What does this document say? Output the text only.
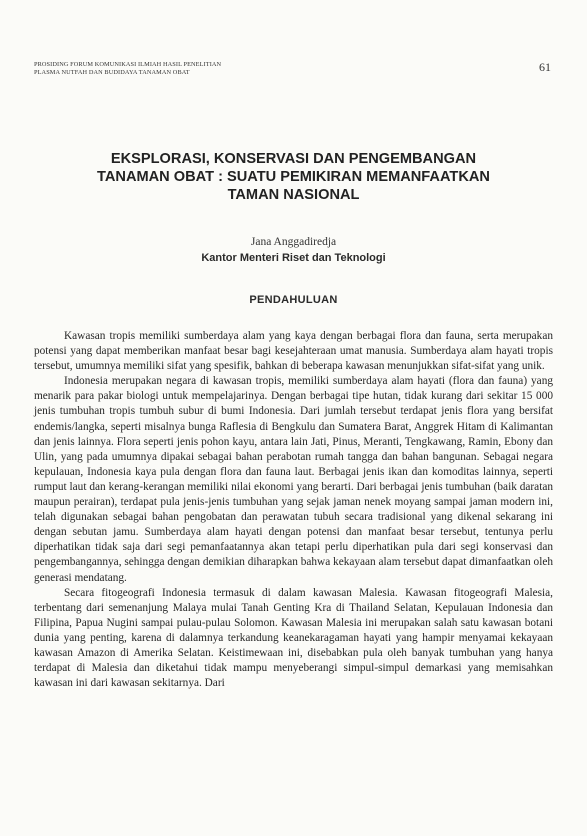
PROSIDING FORUM KOMUNIKASI ILMIAH HASIL PENELITIAN
PLASMA NUTFAH DAN BUDIDAYA TANAMAN OBAT	61
EKSPLORASI, KONSERVASI DAN PENGEMBANGAN
TANAMAN OBAT : SUATU PEMIKIRAN MEMANFAATKAN
TAMAN NASIONAL
Jana Anggadiredja
Kantor Menteri Riset dan Teknologi
PENDAHULUAN

Kawasan tropis memiliki sumberdaya alam yang kaya dengan berbagai flora dan fauna, serta merupakan potensi yang dapat memberikan manfaat besar bagi kesejahteraan umat manusia. Sumberdaya alam hayati tropis tersebut, umumnya memiliki sifat yang spesifik, bahkan di beberapa kawasan menunjukkan sifat-sifat yang unik.

Indonesia merupakan negara di kawasan tropis, memiliki sumberdaya alam hayati (flora dan fauna) yang menarik para pakar biologi untuk mempelajarinya. Dengan berbagai tipe hutan, tidak kurang dari sekitar 15 000 jenis tumbuhan tropis tumbuh subur di bumi Indonesia. Dari jumlah tersebut terdapat jenis flora yang bersifat endemis/langka, seperti misalnya bunga Raflesia di Bengkulu dan Sumatera Barat, Anggrek Hitam di Kalimantan dan jenis lainnya. Flora seperti jenis pohon kayu, antara lain Jati, Pinus, Meranti, Tengkawang, Ramin, Ebony dan Ulin, yang pada umumnya dipakai sebagai bahan perabotan rumah tangga dan bahan bangunan. Sebagai negara kepulauan, Indonesia kaya pula dengan flora dan fauna laut. Berbagai jenis ikan dan komoditas lainnya, seperti rumput laut dan kerang-kerangan memiliki nilai ekonomi yang berarti. Dari berbagai jenis tumbuhan (baik daratan maupun perairan), terdapat pula jenis-jenis tumbuhan yang sejak jaman nenek moyang sampai jaman modern ini, telah digunakan sebagai bahan pengobatan dan perawatan tubuh secara tradisional yang dikenal sekarang ini dengan sebutan jamu. Sumberdaya alam hayati dengan potensi dan manfaat besar tersebut, tentunya perlu diperhatikan tidak saja dari segi pemanfaatannya akan tetapi perlu diperhatikan pula dari segi konservasi dan pengembangannya, sehingga dengan demikian diharapkan bahwa kekayaan alam tersebut dapat dimanfaatkan oleh generasi mendatang.

Secara fitogeografi Indonesia termasuk di dalam kawasan Malesia. Kawasan fitogeografi Malesia, terbentang dari semenanjung Malaya mulai Tanah Genting Kra di Thailand Selatan, Kepulauan Indonesia dan Filipina, Papua Nugini sampai pulau-pulau Solomon. Kawasan Malesia ini merupakan salah satu kawasan botani dunia yang penting, karena di dalamnya terkandung keanekaragaman hayati yang hampir menyamai kekayaan kawasan Amazon di Amerika Selatan. Keistimewaan ini, disebabkan pula oleh banyak tumbuhan yang hanya terdapat di Malesia dan diketahui tidak mampu menyeberangi simpul-simpul demarkasi yang memisahkan kawasan ini dari kawasan sekitarnya. Dari
